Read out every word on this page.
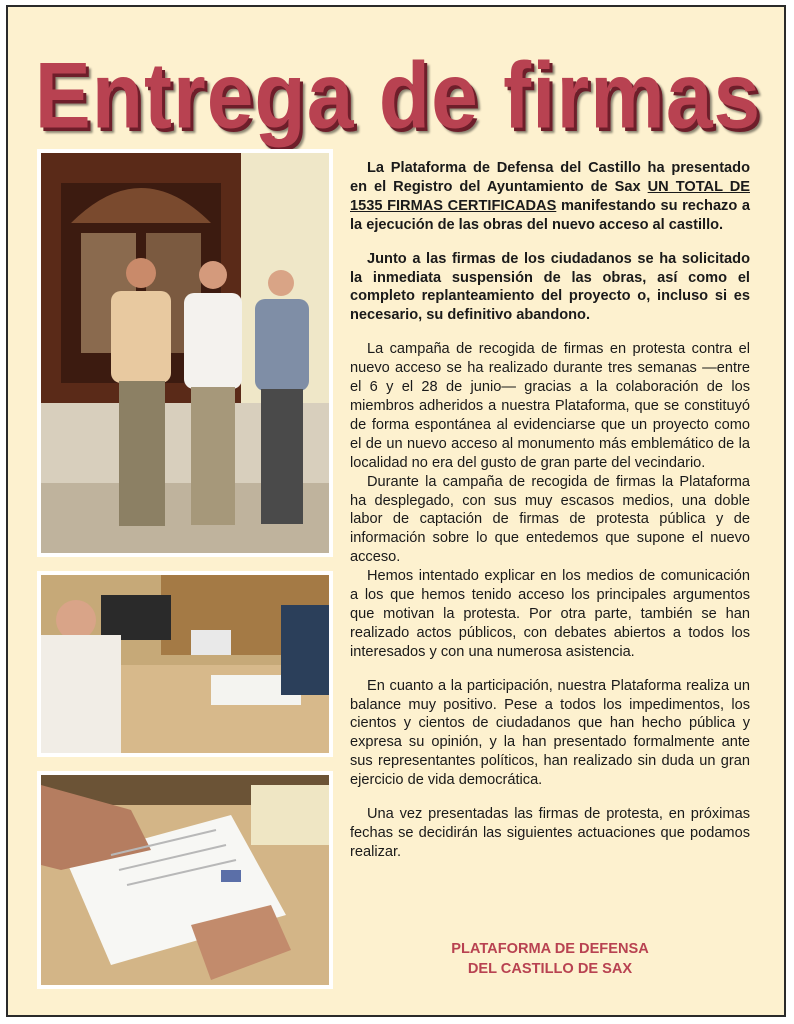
Entrega de firmas

La Plataforma de Defensa del Castillo ha presentado en el Registro del Ayuntamiento de Sax UN TOTAL DE 1535 FIRMAS CERTIFICADAS manifestando su rechazo a la ejecución de las obras del nuevo acceso al castillo.

Junto a las firmas de los ciudadanos se ha solicitado la inmediata suspensión de las obras, así como el completo replanteamiento del proyecto o, incluso si es necesario, su definitivo abandono.

La campaña de recogida de firmas en protesta contra el nuevo acceso se ha realizado durante tres semanas —entre el 6 y el 28 de junio— gracias a la colaboración de los miembros adheridos a nuestra Plataforma, que se constituyó de forma espontánea al evidenciarse que un proyecto como el de un nuevo acceso al monumento más emblemático de la localidad no era del gusto de gran parte del vecindario.

Durante la campaña de recogida de firmas la Plataforma ha desplegado, con sus muy escasos medios, una doble labor de captación de firmas de protesta pública y de información sobre lo que entedemos que supone el nuevo acceso.

Hemos intentado explicar en los medios de comunicación a los que hemos tenido acceso los principales argumentos que motivan la protesta. Por otra parte, también se han realizado actos públicos, con debates abiertos a todos los interesados y con una numerosa asistencia.

En cuanto a la participación, nuestra Plataforma realiza un balance muy positivo. Pese a todos los impedimentos, los cientos y cientos de ciudadanos que han hecho pública y expresa su opinión, y la han presentado formalmente ante sus representantes políticos, han realizado sin duda un gran ejercicio de vida democrática.

Una vez presentadas las firmas de protesta, en próximas fechas se decidirán las siguientes actuaciones que podamos realizar.

PLATAFORMA DE DEFENSA
DEL CASTILLO DE SAX
